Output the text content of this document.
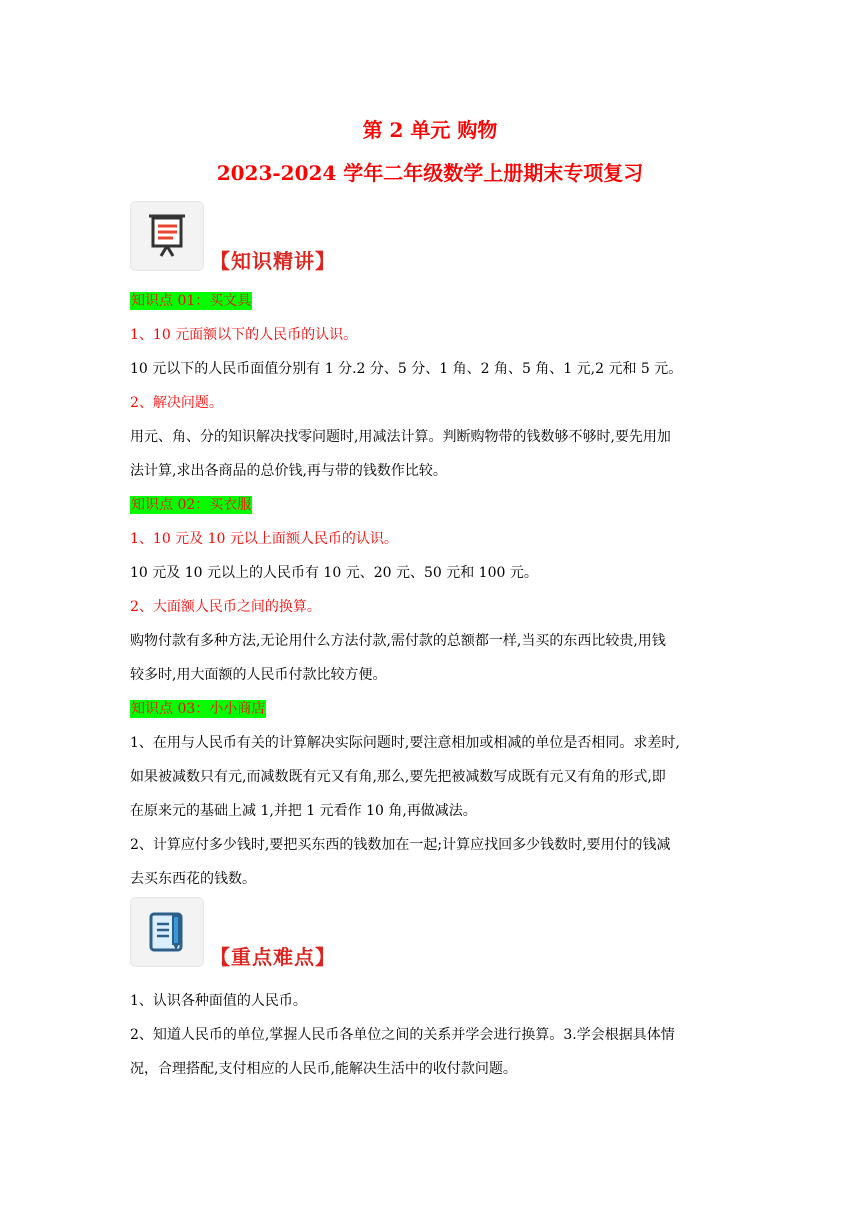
第 2 单元 购物
2023-2024 学年二年级数学上册期末专项复习
【知识精讲】
知识点 01：买文具
1、10 元面额以下的人民币的认识。
10 元以下的人民币面值分别有 1 分.2 分、5 分、1 角、2 角、5 角、1 元,2 元和 5 元。
2、解决问题。
用元、角、分的知识解决找零问题时,用减法计算。判断购物带的钱数够不够时,要先用加
法计算,求出各商品的总价钱,再与带的钱数作比较。
知识点 02：买衣服
1、10 元及 10 元以上面额人民币的认识。
10 元及 10 元以上的人民币有 10 元、20 元、50 元和 100 元。
2、大面额人民币之间的换算。
购物付款有多种方法,无论用什么方法付款,需付款的总额都一样,当买的东西比较贵,用钱
较多时,用大面额的人民币付款比较方便。
知识点 03：小小商店
1、在用与人民币有关的计算解决实际问题时,要注意相加或相减的单位是否相同。求差时,
如果被减数只有元,而减数既有元又有角,那么,要先把被减数写成既有元又有角的形式,即
在原来元的基础上减 1,并把 1 元看作 10 角,再做减法。
2、计算应付多少钱时,要把买东西的钱数加在一起;计算应找回多少钱数时,要用付的钱减
去买东西花的钱数。
【重点难点】
1、认识各种面值的人民币。
2、知道人民币的单位,掌握人民币各单位之间的关系并学会进行换算。3.学会根据具体情
况，合理搭配,支付相应的人民币,能解决生活中的收付款问题。
